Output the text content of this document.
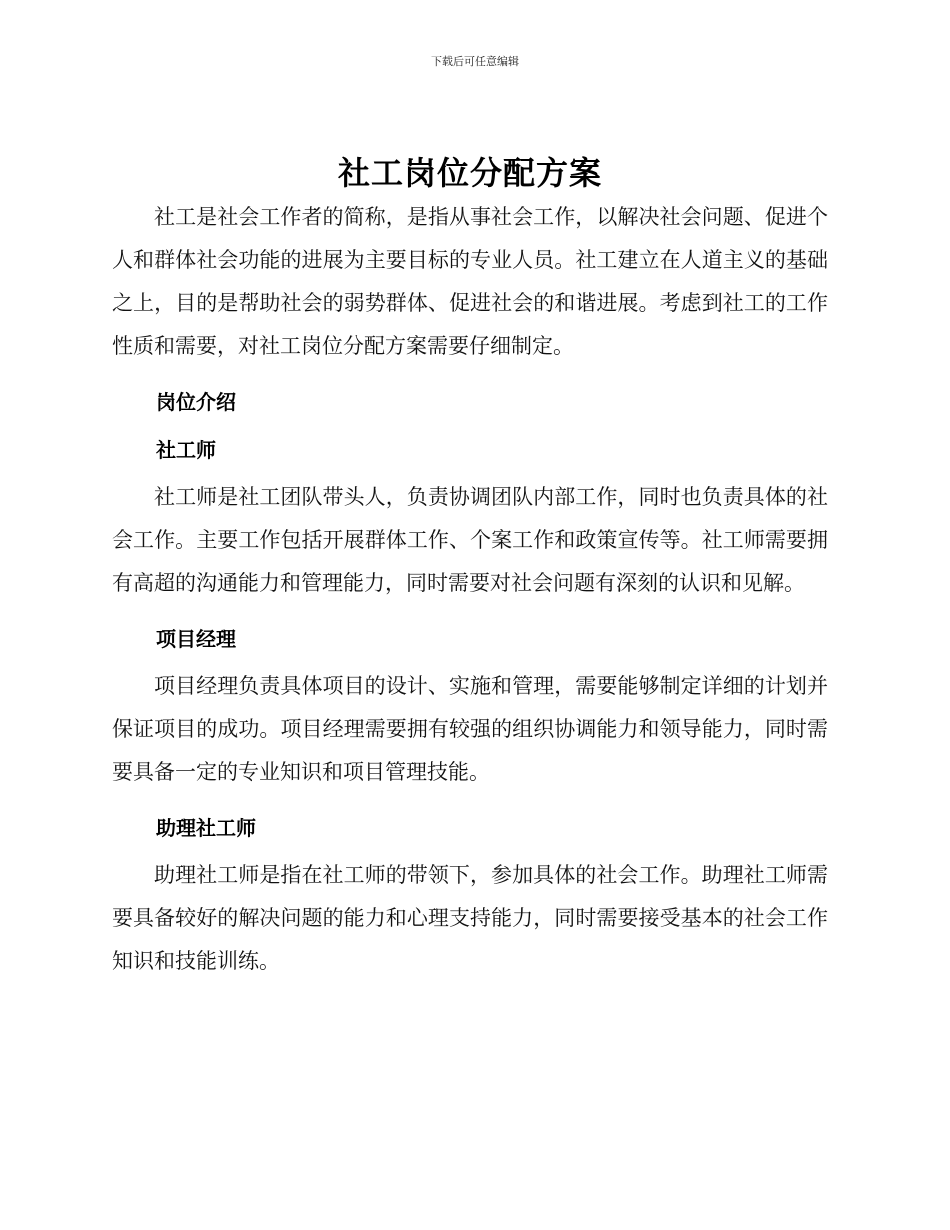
下载后可任意编辑
社工岗位分配方案

社工是社会工作者的简称，是指从事社会工作，以解决社会问题、促进个人和群体社会功能的进展为主要目标的专业人员。社工建立在人道主义的基础之上，目的是帮助社会的弱势群体、促进社会的和谐进展。考虑到社工的工作性质和需要，对社工岗位分配方案需要仔细制定。

岗位介绍
社工师

社工师是社工团队带头人，负责协调团队内部工作，同时也负责具体的社会工作。主要工作包括开展群体工作、个案工作和政策宣传等。社工师需要拥有高超的沟通能力和管理能力，同时需要对社会问题有深刻的认识和见解。

项目经理

项目经理负责具体项目的设计、实施和管理，需要能够制定详细的计划并保证项目的成功。项目经理需要拥有较强的组织协调能力和领导能力，同时需要具备一定的专业知识和项目管理技能。

助理社工师

助理社工师是指在社工师的带领下，参加具体的社会工作。助理社工师需要具备较好的解决问题的能力和心理支持能力，同时需要接受基本的社会工作知识和技能训练。
